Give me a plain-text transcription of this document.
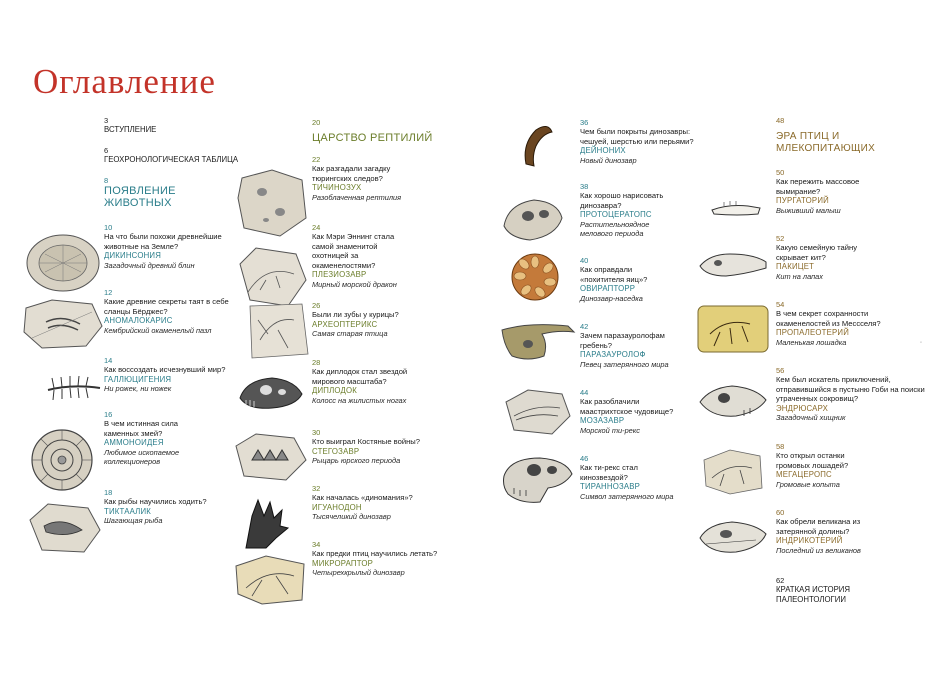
Оглавление
3
ВСТУПЛЕНИЕ
6
ГЕОХРОНОЛОГИЧЕСКАЯ ТАБЛИЦА
8
ПОЯВЛЕНИЕ ЖИВОТНЫХ
10
На что были похожи древнейшие животные на Земле?
ДИКИНСОНИЯ
Загадочный древний блин
12
Какие древние секреты таят в себе сланцы Бёрджес?
АНОМАЛОКАРИС
Кембрийский окаменелый пазл
14
Как воссоздать исчезнувший мир?
ГАЛЛЮЦИГЕНИЯ
Ни рожек, ни ножек
16
В чем истинная сила каменных змей?
АММОНОИДЕЯ
Любимое ископаемое коллекционеров
18
Как рыбы научились ходить?
ТИКТААЛИК
Шагающая рыба
20
ЦАРСТВО РЕПТИЛИЙ
22
Как разгадали загадку тюрингских следов?
ТИЧИНОЗУХ
Разоблаченная рептилия
24
Как Мэри Эннинг стала самой знаменитой охотницей за окаменелостями?
ПЛЕЗИОЗАВР
Мирный морской дракон
26
Были ли зубы у курицы?
АРХЕОПТЕРИКС
Самая старая птица
28
Как диплодок стал звездой мирового масштаба?
ДИПЛОДОК
Колосс на жилистых ногах
30
Кто выиграл Костяные войны?
СТЕГОЗАВР
Рыцарь юрского периода
32
Как началась «диномания»?
ИГУАНОДОН
Тысячеликий динозавр
34
Как предки птиц научились летать?
МИКРОРАПТОР
Четырехкрылый динозавр
36
Чем были покрыты динозавры: чешуей, шерстью или перьями?
ДЕЙНОНИХ
Новый динозавр
38
Как хорошо нарисовать динозавра?
ПРОТОЦЕРАТОПС
Растительноядное мелового периода
40
Как оправдали «похитителя яиц»?
ОВИРАПТОРР
Динозавр-наседка
42
Зачем паразауролофам гребень?
ПАРАЗАУРОЛОФ
Певец затерянного мира
44
Как разоблачили маастрихтское чудовище?
МОЗАЗАВР
Морской ти-рекс
46
Как ти-рекс стал кинозвездой?
ТИРАННОЗАВР
Символ затерянного мира
48
ЭРА ПТИЦ И МЛЕКОПИТАЮЩИХ
50
Как пережить массовое вымирание?
ПУРГАТОРИЙ
Выживший малыш
52
Какую семейную тайну скрывает кит?
ПАКИЦЕТ
Кит на лапах
54
В чем секрет сохранности окаменелостей из Мессселя?
ПРОПАЛЕОТЕРИЙ
Маленькая лошадка
56
Кем был искатель приключений, отправившийся в пустыню Гоби на поиски утраченных сокровищ?
ЭНДРЮСАРХ
Загадочный хищник
58
Кто открыл останки громовых лошадей?
МЕГАЦЕРОПС
Громовые копыта
60
Как обрели великана из затерянной долины?
ИНДРИКОТЕРИЙ
Последний из великанов
62
КРАТКАЯ ИСТОРИЯ ПАЛЕОНТОЛОГИИ
◦
